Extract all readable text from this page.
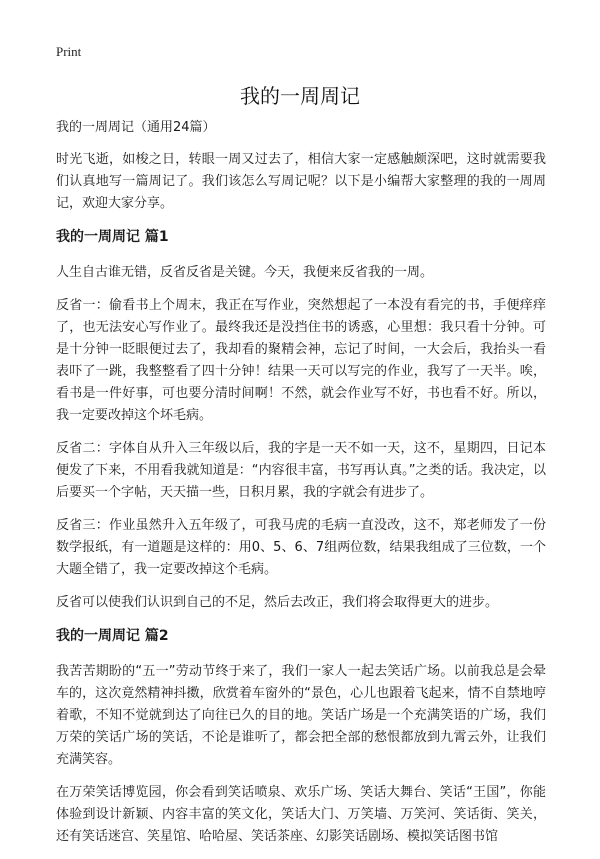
Print
我的一周周记
我的一周周记（通用24篇）

时光飞逝，如梭之日，转眼一周又过去了，相信大家一定感触颇深吧，这时就需要我们认真地写一篇周记了。我们该怎么写周记呢？以下是小编帮大家整理的我的一周周记，欢迎大家分享。

我的一周周记 篇1

人生自古谁无错，反省反省是关键。今天，我便来反省我的一周。

反省一：偷看书上个周末，我正在写作业，突然想起了一本没有看完的书，手便痒痒了，也无法安心写作业了。最终我还是没挡住书的诱惑，心里想：我只看十分钟。可是十分钟一眨眼便过去了，我却看的聚精会神，忘记了时间，一大会后，我抬头一看表吓了一跳，我整整看了四十分钟！结果一天可以写完的作业，我写了一天半。唉，看书是一件好事，可也要分清时间啊！不然，就会作业写不好，书也看不好。所以，我一定要改掉这个坏毛病。

反省二：字体自从升入三年级以后，我的字是一天不如一天，这不，星期四，日记本便发了下来，不用看我就知道是：“内容很丰富，书写再认真。”之类的话。我决定，以后要买一个字帖，天天描一些，日积月累，我的字就会有进步了。

反省三：作业虽然升入五年级了，可我马虎的毛病一直没改，这不，郑老师发了一份数学报纸，有一道题是这样的：用0、5、6、7组两位数，结果我组成了三位数，一个大题全错了，我一定要改掉这个毛病。

反省可以使我们认识到自己的不足，然后去改正，我们将会取得更大的进步。

我的一周周记 篇2

我苦苦期盼的“五一”劳动节终于来了，我们一家人一起去笑话广场。以前我总是会晕车的，这次竟然精神抖擞，欣赏着车窗外的“景色，心儿也跟着飞起来，情不自禁地哼着歌，不知不觉就到达了向往已久的目的地。笑话广场是一个充满笑语的广场，我们万荣的笑话广场的笑话，不论是谁听了，都会把全部的愁恨都放到九霄云外，让我们充满笑容。

在万荣笑话博览园，你会看到笑话喷泉、欢乐广场、笑话大舞台、笑话“王国”，你能体验到设计新颖、内容丰富的笑文化，笑话大门、万笑墙、万笑河、笑话街、笑关，还有笑话迷宫、笑星馆、哈哈屋、笑话茶座、幻影笑话剧场、模拟笑话图书馆
